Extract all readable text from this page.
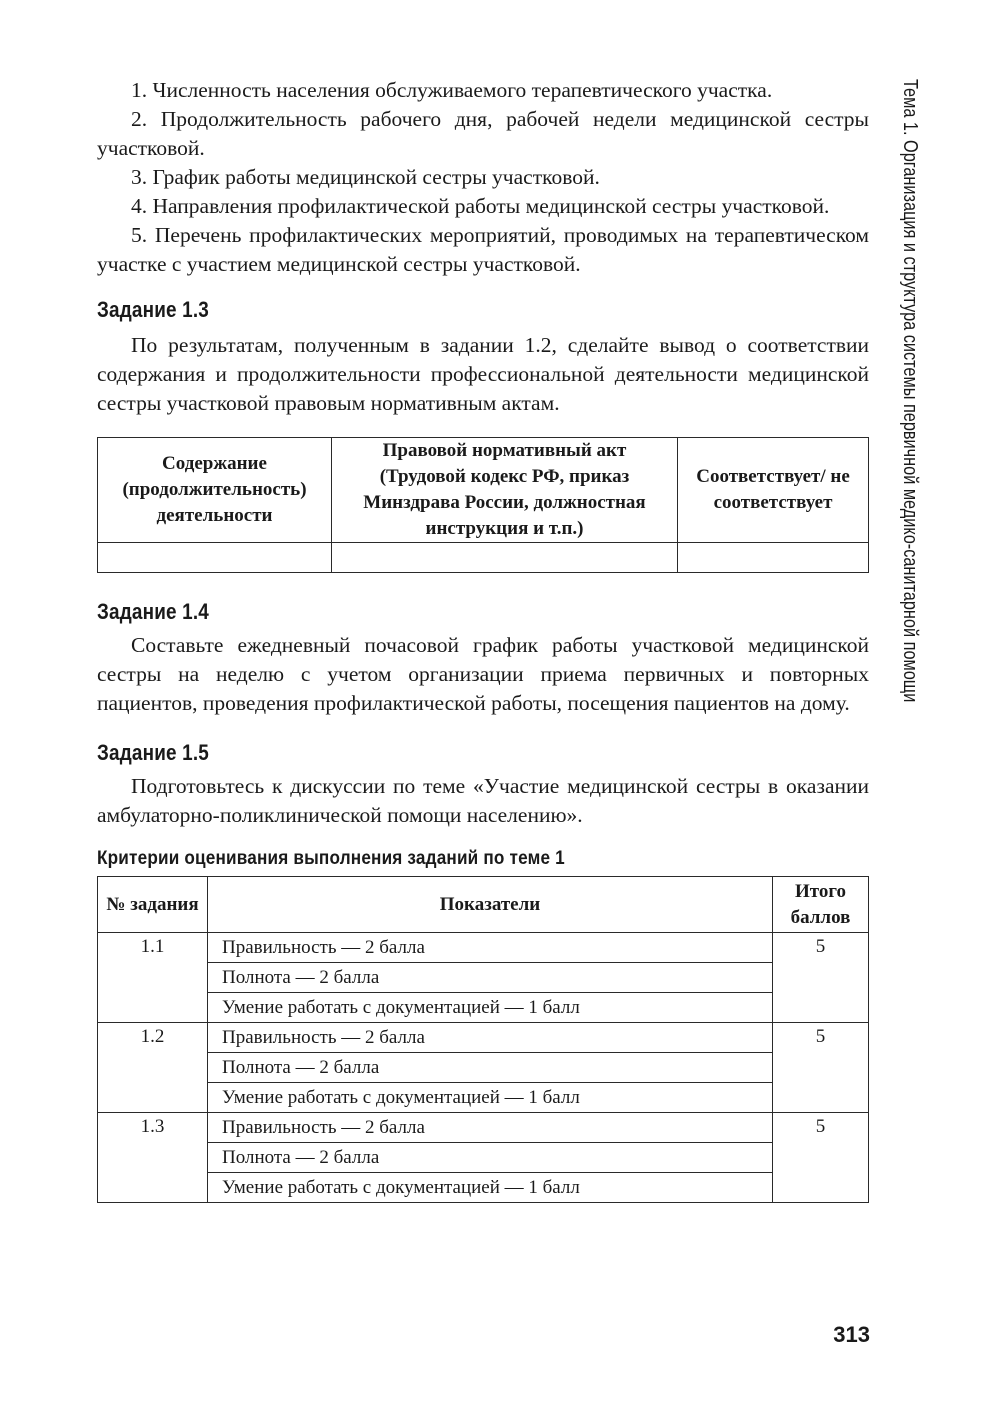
1. Численность населения обслуживаемого терапевтического участка.

2. Продолжительность рабочего дня, рабочей недели медицинской сестры участковой.

3. График работы медицинской сестры участковой.

4. Направления профилактической работы медицинской сестры участковой.

5. Перечень профилактических мероприятий, проводимых на терапевтическом участке с участием медицинской сестры участковой.

Задание 1.3

По результатам, полученным в задании 1.2, сделайте вывод о соответствии содержания и продолжительности профессиональной деятельности медицинской сестры участковой правовым нормативным актам.

Содержание (продолжительность) деятельности	Правовой нормативный акт (Трудовой кодекс РФ, приказ Минздрава России, должностная инструкция и т.п.)	Соответствует/ не соответствует

Задание 1.4

Составьте ежедневный почасовой график работы участковой медицинской сестры на неделю с учетом организации приема первичных и повторных пациентов, проведения профилактической работы, посещения пациентов на дому.

Задание 1.5

Подготовьтесь к дискуссии по теме «Участие медицинской сестры в оказании амбулаторно-поликлинической помощи населению».

Критерии оценивания выполнения заданий по теме 1
№ задания	Показатели	Итого баллов
1.1	Правильность — 2 балла	5
	Полнота — 2 балла	
	Умение работать с документацией — 1 балл	
1.2	Правильность — 2 балла	5
	Полнота — 2 балла	
	Умение работать с документацией — 1 балл	
1.3	Правильность — 2 балла	5
	Полнота — 2 балла	
	Умение работать с документацией — 1 балл	
Тема 1. Организация и структура системы первичной медико-санитарной помощи
313
